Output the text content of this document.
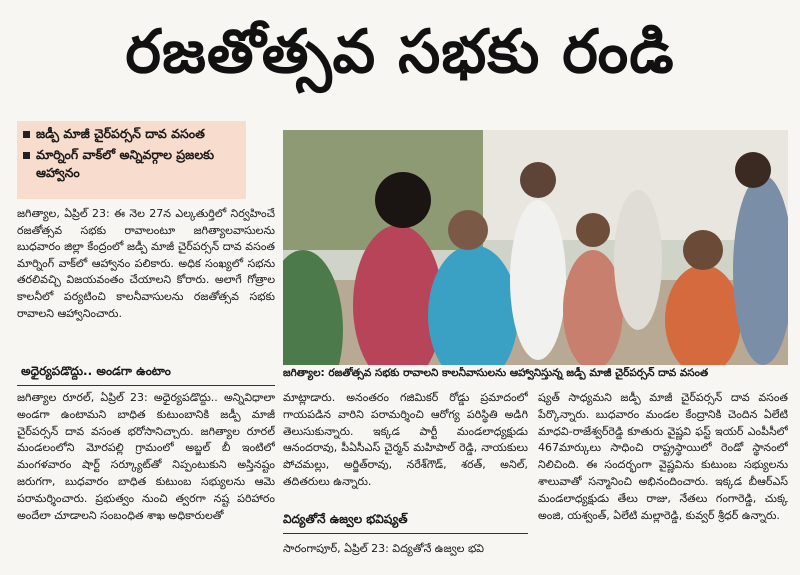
రజతోత్సవ సభకు రండి
జడ్పీ మాజీ చైర్‌పర్సన్ దావ వసంత
మార్నింగ్ వాక్‌లో అన్నివర్గాల ప్రజలకు ఆహ్వానం
జగిత్యాల, ఏప్రిల్ 23: ఈ నెల 27న ఎల్కతుర్తిలో నిర్వహించే రజతోత్సవ సభకు రావాలంటూ జగిత్యాలవాసులను బుధవారం జిల్లా కేంద్రంలో జడ్పీ మాజీ చైర్‌పర్సన్ దావ వసంత మార్నింగ్ వాక్‌లో ఆహ్వానం పలికారు. అధిక సంఖ్యలో సభను తరలివచ్చి విజయవంతం చేయాలని కోరారు. అలాగే గోత్రాల కాలనీలో పర్యటించి కాలనీవాసులను రజతోత్సవ సభకు రావాలని ఆహ్వానించారు.
అధైర్యపడొద్దు.. అండగా ఉంటాం	జగిత్యాల: రజతోత్సవ సభకు రావాలని కాలనీవాసులను ఆహ్వానిస్తున్న జడ్పీ మాజీ చైర్‌పర్సన్ దావ వసంత
జగిత్యాల రూరల్, ఏప్రిల్ 23: అధైర్యపడొద్దు.. అన్నివిధాలా అండగా ఉంటామని బాధిత కుటుంబానికి జడ్పీ మాజీ చైర్‌పర్సన్ దావ వసంత భరోసానిచ్చారు. జగిత్యాల రూరల్ మండలంలోని మోరపల్లి గ్రామంలో అబ్జల్ బీ ఇంటిలో మంగళవారం షార్ట్ సర్క్యూట్‌తో నిప్పంటుకుని అస్తినష్టం జరుగగా, బుధవారం బాధిత కుటుంబ సభ్యులను ఆమె పరామర్శించారు. ప్రభుత్వం నుంచి త్వరగా నష్ట పరిహారం అందేలా చూడాలని సంబంధిత శాఖ అధికారులతో
మాట్లాడారు. అనంతరం గజిమికర్ రోడ్డు ప్రమాదంలో గాయపడిన వారిని పరామర్శించి ఆరోగ్య పరిస్థితి అడిగి తెలుసుకున్నారు. ఇక్కడ పార్టీ మండలాధ్యక్షుడు ఆనందరావు, పీఏసీఎస్ చైర్మన్ మహిపాల్ రెడ్డి, నాయకులు పోచమల్లు, అర్జిత్‌రావు, నరేశ్‌గౌడ్, శరత్, అనిల్, తదితరులు ఉన్నారు.
విద్యతోనే ఉజ్వల భవిష్యత్
సారంగాపూర్, ఏప్రిల్ 23: విద్యతోనే ఉజ్వల భవి
ష్యత్ సాధ్యమని జడ్పీ మాజీ చైర్‌పర్సన్ దావ వసంత పేర్కొన్నారు. బుధవారం మండల కేంద్రానికి చెందిన ఏలేటి మాధవి-రాజేశ్వర్‌రెడ్డి కూతురు వైష్ణవి ఫస్ట్ ఇయర్ ఎంపీసీలో 467మార్కులు సాధించి రాష్ట్రస్థాయిలో రెండో స్థానంలో నిలిచింది. ఈ సందర్భంగా వైష్ణవిను కుటుంబ సభ్యులను శాలువాతో సన్మానించి అభినందించారు. ఇక్కడ బీఆర్ఎస్ మండలాధ్యక్షుడు తేలు రాజు, నేతలు గంగారెడ్డి, చుక్క అంజి, యశ్వంత్, ఏలేటి మల్లారెడ్డి, కువ్వర్ శ్రీధర్ ఉన్నారు.
